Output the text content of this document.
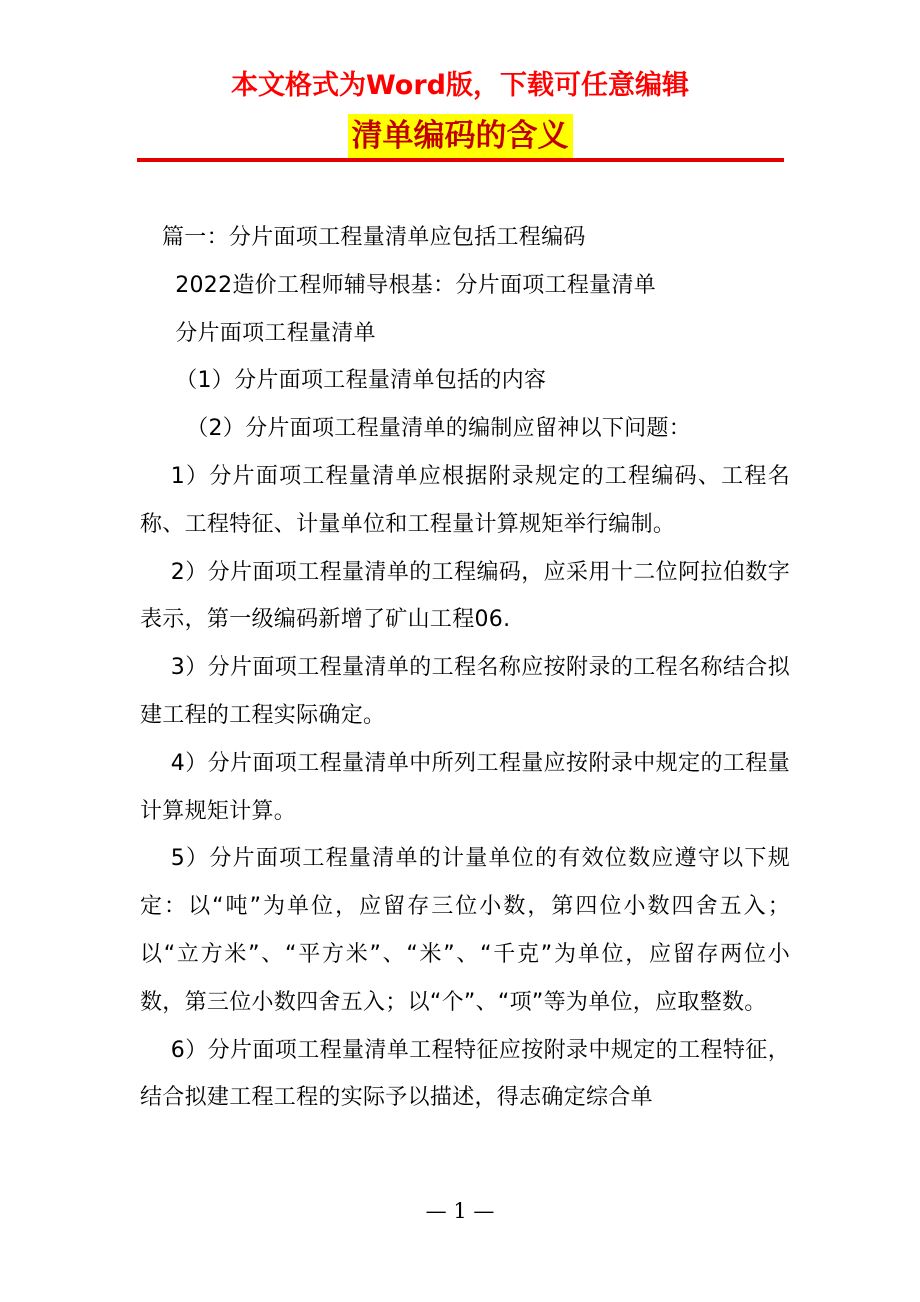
本文格式为Word版，下载可任意编辑
清单编码的含义

篇一：分片面项工程量清单应包括工程编码

2022造价工程师辅导根基：分片面项工程量清单

分片面项工程量清单

（1）分片面项工程量清单包括的内容

（2）分片面项工程量清单的编制应留神以下问题：

1）分片面项工程量清单应根据附录规定的工程编码、工程名称、工程特征、计量单位和工程量计算规矩举行编制。

2）分片面项工程量清单的工程编码，应采用十二位阿拉伯数字表示，第一级编码新增了矿山工程06.

3）分片面项工程量清单的工程名称应按附录的工程名称结合拟建工程的工程实际确定。

4）分片面项工程量清单中所列工程量应按附录中规定的工程量计算规矩计算。

5）分片面项工程量清单的计量单位的有效位数应遵守以下规定：以“吨”为单位，应留存三位小数，第四位小数四舍五入；以“立方米”、“平方米”、“米”、“千克”为单位，应留存两位小数，第三位小数四舍五入；以“个”、“项”等为单位，应取整数。

6）分片面项工程量清单工程特征应按附录中规定的工程特征，结合拟建工程工程的实际予以描述，得志确定综合单

— 1 —
